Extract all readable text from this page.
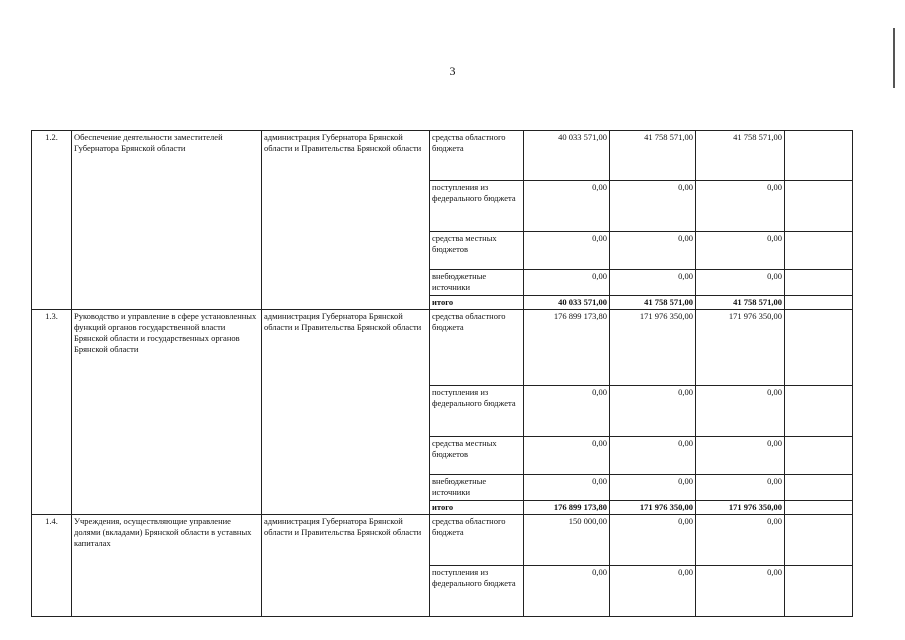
3
1.2.	Обеспечение деятельности заместителей Губернатора Брянской области	администрация Губернатора Брянской области и Правительства Брянской области	средства областного бюджета	40 033 571,00	41 758 571,00	41 758 571,00	
			поступления из федерального бюджета	0,00	0,00	0,00	
			средства местных бюджетов	0,00	0,00	0,00	
			внебюджетные источники	0,00	0,00	0,00	
			итого	40 033 571,00	41 758 571,00	41 758 571,00	
1.3.	Руководство и управление в сфере установленных функций органов государственной власти Брянской области и государственных органов Брянской области	администрация Губернатора Брянской области и Правительства Брянской области	средства областного бюджета	176 899 173,80	171 976 350,00	171 976 350,00	
			поступления из федерального бюджета	0,00	0,00	0,00	
			средства местных бюджетов	0,00	0,00	0,00	
			внебюджетные источники	0,00	0,00	0,00	
			итого	176 899 173,80	171 976 350,00	171 976 350,00	
1.4.	Учреждения, осуществляющие управление долями (вкладами) Брянской области в уставных капиталах	администрация Губернатора Брянской области и Правительства Брянской области	средства областного бюджета	150 000,00	0,00	0,00	
			поступления из федерального бюджета	0,00	0,00	0,00	
